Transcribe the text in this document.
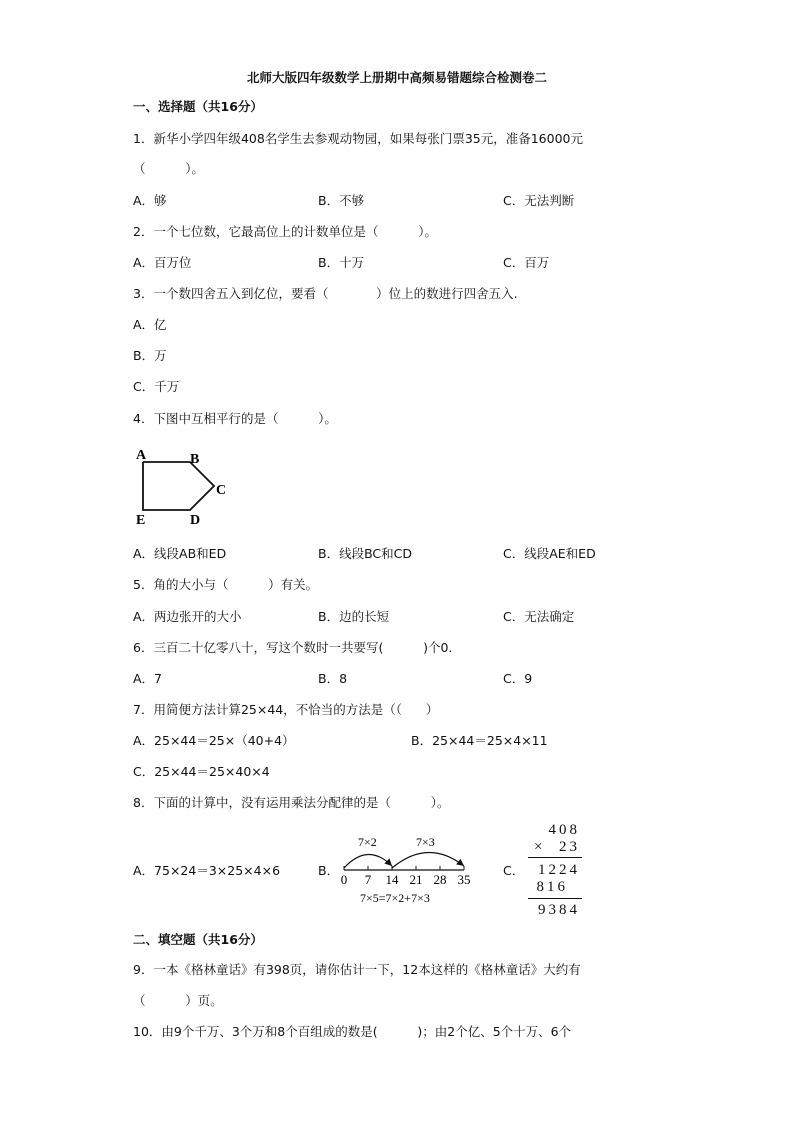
北师大版四年级数学上册期中高频易错题综合检测卷二
一、选择题（共16分）
1．新华小学四年级408名学生去参观动物园，如果每张门票35元，准备16000元
（          ）。
A．够	B．不够	C．无法判断
2．一个七位数，它最高位上的计数单位是（          ）。
A．百万位	B．十万	C．百万
3．一个数四舍五入到亿位，要看（            ）位上的数进行四舍五入.
A．亿
B．万
C．千万
4．下图中互相平行的是（          ）。
A	B
C
D
E
A．线段AB和ED	B．线段BC和CD	C．线段AE和ED
5．角的大小与（          ）有关。
A．两边张开的大小	B．边的长短	C．无法确定
6．三百二十亿零八十，写这个数时一共要写(          )个0.
A．7	B．8	C．9
7．用简便方法计算25×44，不恰当的方法是（（      ）
A．25×44＝25×（40+4）	B．25×44＝25×4×11
C．25×44＝25×40×4
8．下面的计算中，没有运用乘法分配律的是（          ）。
A．75×24＝3×25×4×6	B．
7×2	7×3
0 7 14 21 28 35
7×5=7×2+7×3
C．
408
×  23
1224
816
9384
二、填空题（共16分）
9．一本《格林童话》有398页，请你估计一下，12本这样的《格林童话》大约有
（          ）页。
10．由9个千万、3个万和8个百组成的数是(          )；由2个亿、5个十万、6个
